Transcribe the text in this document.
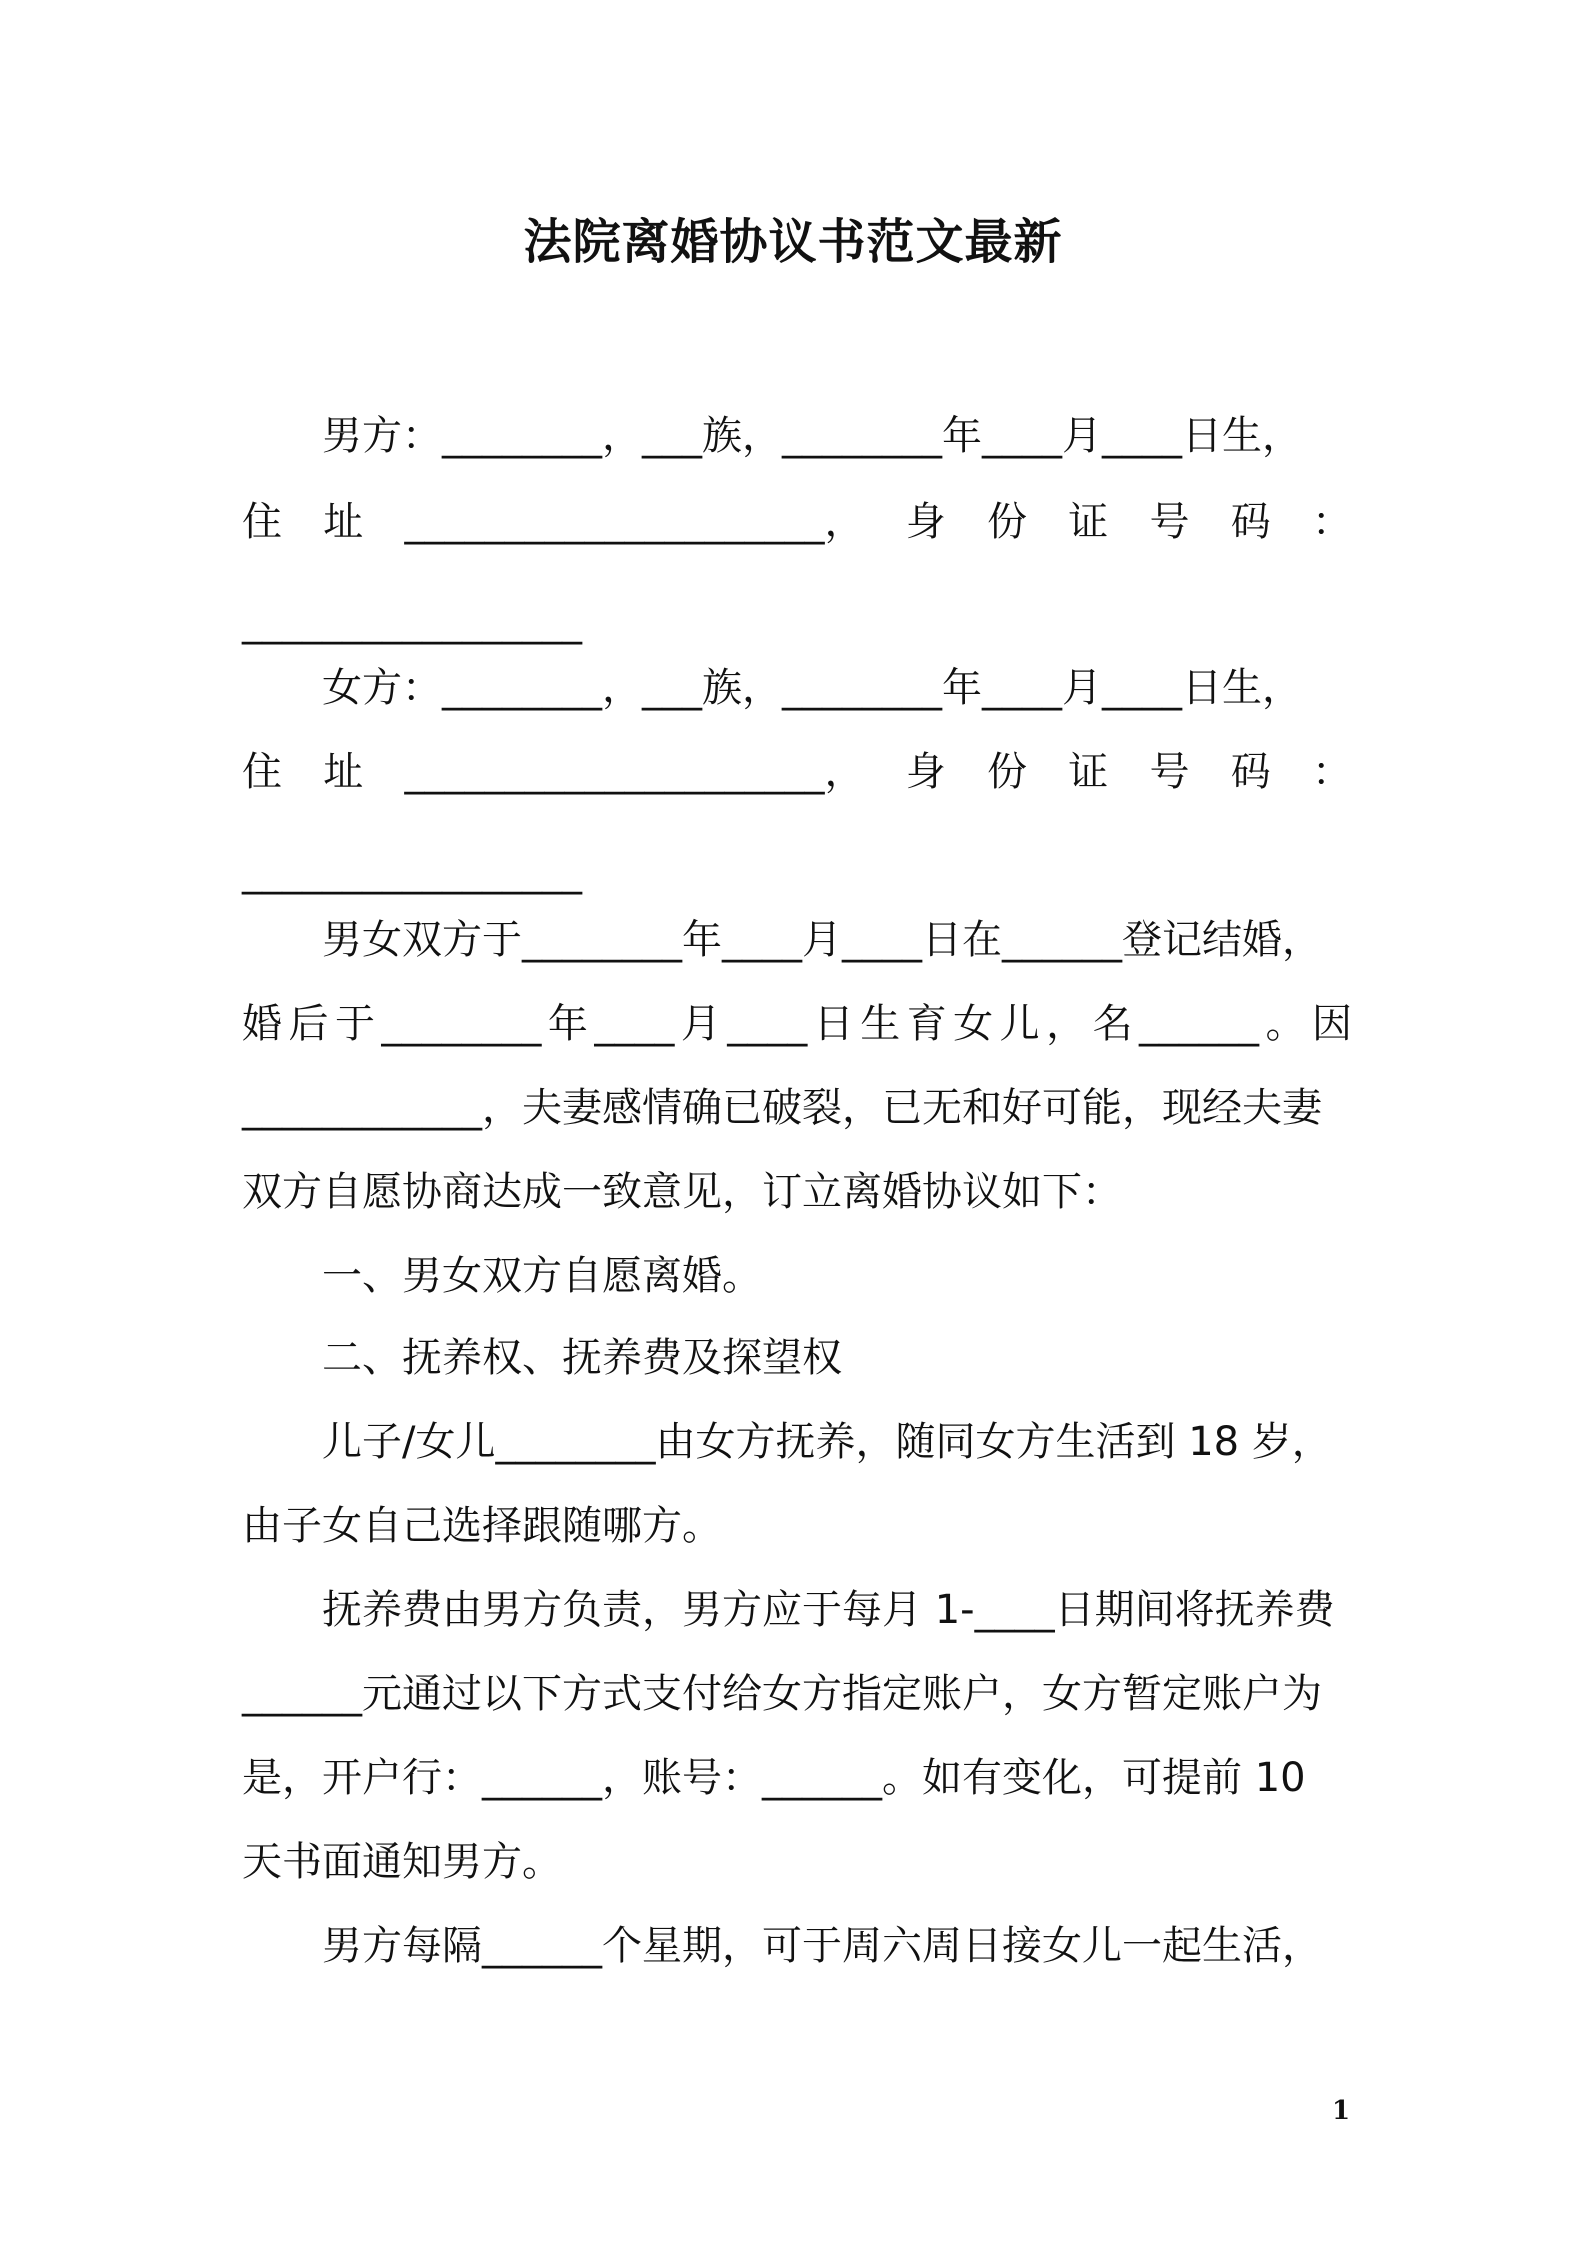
法院离婚协议书范文最新
男方：________，___族，________年____月____日生，
住 址 _____________________， 身 份 证 号 码 ：
_________________
女方：________，___族，________年____月____日生，
住 址 _____________________， 身 份 证 号 码 ：
_________________
男女双方于________年____月____日在______登记结婚，
婚 后 于 ________ 年 ____ 月 ____ 日 生 育 女 儿 ， 名 ______ 。 因
____________，夫妻感情确已破裂，已无和好可能，现经夫妻
双方自愿协商达成一致意见，订立离婚协议如下：
一、男女双方自愿离婚。
二、抚养权、抚养费及探望权
儿子/女儿________由女方抚养，随同女方生活到 18 岁，
由子女自己选择跟随哪方。
抚养费由男方负责，男方应于每月 1-____日期间将抚养费
______元通过以下方式支付给女方指定账户，女方暂定账户为
是，开户行：______，账号：______。如有变化，可提前 10
天书面通知男方。
男方每隔______个星期，可于周六周日接女儿一起生活，
1
